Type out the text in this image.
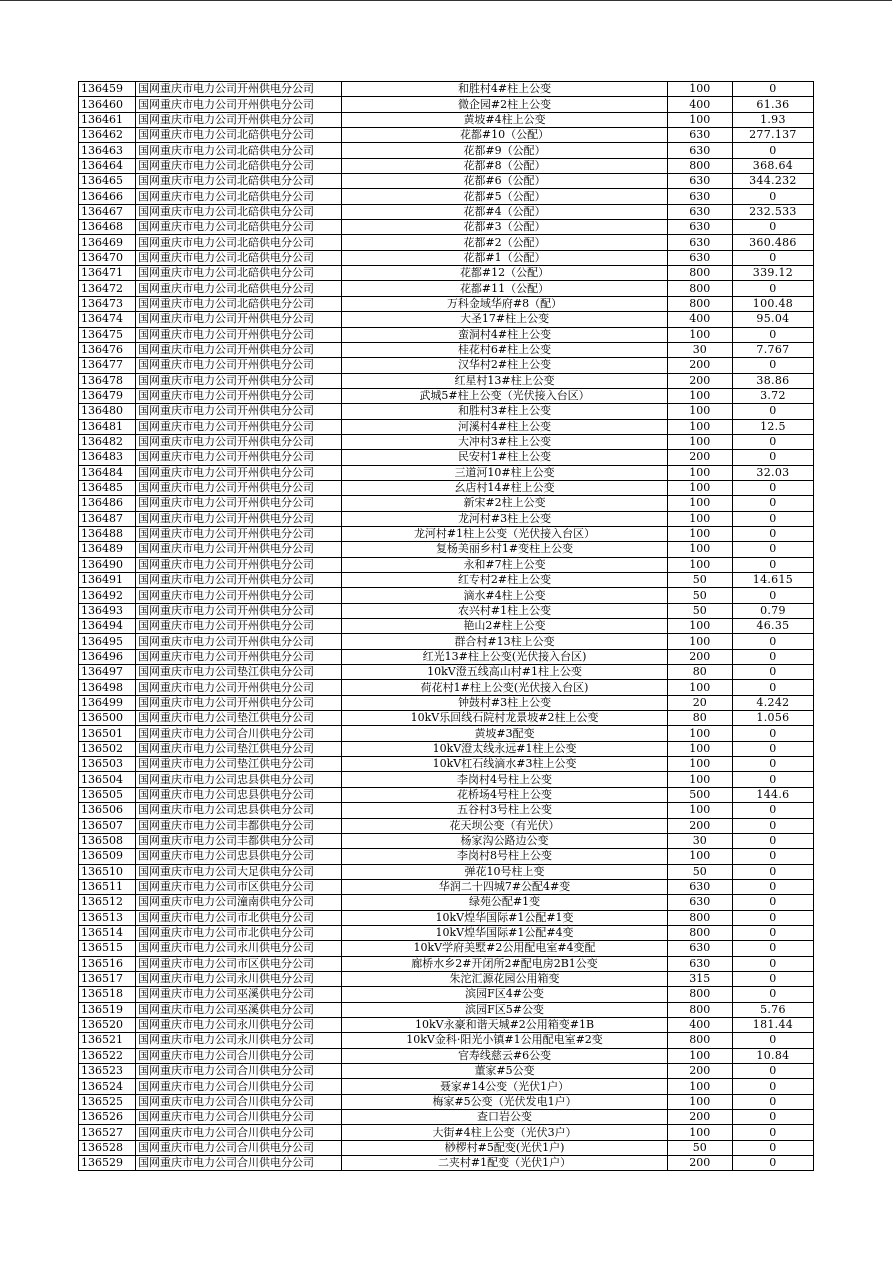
136459	国网重庆市电力公司开州供电分公司	和胜村4#柱上公变	100	0
136460	国网重庆市电力公司开州供电分公司	微企园#2柱上公变	400	61.36
136461	国网重庆市电力公司开州供电分公司	黄坡#4柱上公变	100	1.93
136462	国网重庆市电力公司北碚供电分公司	花都#10（公配）	630	277.137
136463	国网重庆市电力公司北碚供电分公司	花都#9（公配）	630	0
136464	国网重庆市电力公司北碚供电分公司	花都#8（公配）	800	368.64
136465	国网重庆市电力公司北碚供电分公司	花都#6（公配）	630	344.232
136466	国网重庆市电力公司北碚供电分公司	花都#5（公配）	630	0
136467	国网重庆市电力公司北碚供电分公司	花都#4（公配）	630	232.533
136468	国网重庆市电力公司北碚供电分公司	花都#3（公配）	630	0
136469	国网重庆市电力公司北碚供电分公司	花都#2（公配）	630	360.486
136470	国网重庆市电力公司北碚供电分公司	花都#1（公配）	630	0
136471	国网重庆市电力公司北碚供电分公司	花都#12（公配）	800	339.12
136472	国网重庆市电力公司北碚供电分公司	花都#11（公配）	800	0
136473	国网重庆市电力公司北碚供电分公司	万科金域华府#8（配）	800	100.48
136474	国网重庆市电力公司开州供电分公司	大圣17#柱上公变	400	95.04
136475	国网重庆市电力公司开州供电分公司	蛮洞村4#柱上公变	100	0
136476	国网重庆市电力公司开州供电分公司	桂花村6#柱上公变	30	7.767
136477	国网重庆市电力公司开州供电分公司	汉华村2#柱上公变	200	0
136478	国网重庆市电力公司开州供电分公司	红星村13#柱上公变	200	38.86
136479	国网重庆市电力公司开州供电分公司	武城5#柱上公变（光伏接入台区）	100	3.72
136480	国网重庆市电力公司开州供电分公司	和胜村3#柱上公变	100	0
136481	国网重庆市电力公司开州供电分公司	河溪村4#柱上公变	100	12.5
136482	国网重庆市电力公司开州供电分公司	大冲村3#柱上公变	100	0
136483	国网重庆市电力公司开州供电分公司	民安村1#柱上公变	200	0
136484	国网重庆市电力公司开州供电分公司	三道河10#柱上公变	100	32.03
136485	国网重庆市电力公司开州供电分公司	幺店村14#柱上公变	100	0
136486	国网重庆市电力公司开州供电分公司	新宋#2柱上公变	100	0
136487	国网重庆市电力公司开州供电分公司	龙河村#3柱上公变	100	0
136488	国网重庆市电力公司开州供电分公司	龙河村#1柱上公变（光伏接入台区）	100	0
136489	国网重庆市电力公司开州供电分公司	复杨美丽乡村1#变柱上公变	100	0
136490	国网重庆市电力公司开州供电分公司	永和#7柱上公变	100	0
136491	国网重庆市电力公司开州供电分公司	红专村2#柱上公变	50	14.615
136492	国网重庆市电力公司开州供电分公司	滴水#4柱上公变	50	0
136493	国网重庆市电力公司开州供电分公司	农兴村#1柱上公变	50	0.79
136494	国网重庆市电力公司开州供电分公司	艳山2#柱上公变	100	46.35
136495	国网重庆市电力公司开州供电分公司	群合村#13柱上公变	100	0
136496	国网重庆市电力公司开州供电分公司	红光13#柱上公变(光伏接入台区)	200	0
136497	国网重庆市电力公司垫江供电分公司	10kV澄五线高山村#1柱上公变	80	0
136498	国网重庆市电力公司开州供电分公司	荷花村1#柱上公变(光伏接入台区)	100	0
136499	国网重庆市电力公司开州供电分公司	钟鼓村#3柱上公变	20	4.242
136500	国网重庆市电力公司垫江供电分公司	10kV乐回线石院村龙景坡#2柱上公变	80	1.056
136501	国网重庆市电力公司合川供电分公司	黄坡#3配变	100	0
136502	国网重庆市电力公司垫江供电分公司	10kV澄太线永远#1柱上公变	100	0
136503	国网重庆市电力公司垫江供电分公司	10kV杠石线滴水#3柱上公变	100	0
136504	国网重庆市电力公司忠县供电分公司	李岗村4号柱上公变	100	0
136505	国网重庆市电力公司忠县供电分公司	花桥场4号柱上公变	500	144.6
136506	国网重庆市电力公司忠县供电分公司	五谷村3号柱上公变	100	0
136507	国网重庆市电力公司丰都供电分公司	花天坝公变（有光伏）	200	0
136508	国网重庆市电力公司丰都供电分公司	杨家沟公路边公变	30	0
136509	国网重庆市电力公司忠县供电分公司	李岗村8号柱上公变	100	0
136510	国网重庆市电力公司大足供电分公司	弹花10号柱上变	50	0
136511	国网重庆市电力公司市区供电分公司	华润二十四城7#公配4#变	630	0
136512	国网重庆市电力公司潼南供电分公司	绿苑公配#1变	630	0
136513	国网重庆市电力公司市北供电分公司	10kV煌华国际#1公配#1变	800	0
136514	国网重庆市电力公司市北供电分公司	10kV煌华国际#1公配#4变	800	0
136515	国网重庆市电力公司永川供电分公司	10kV学府美墅#2公用配电室#4变配	630	0
136516	国网重庆市电力公司市区供电分公司	廊桥水乡2#开闭所2#配电房2B1公变	630	0
136517	国网重庆市电力公司永川供电分公司	朱沱汇源花园公用箱变	315	0
136518	国网重庆市电力公司巫溪供电分公司	滨园F区4#公变	800	0
136519	国网重庆市电力公司巫溪供电分公司	滨园F区5#公变	800	5.76
136520	国网重庆市电力公司永川供电分公司	10kV永豪和谐天城#2公用箱变#1B	400	181.44
136521	国网重庆市电力公司永川供电分公司	10kV金科·阳光小镇#1公用配电室#2变	800	0
136522	国网重庆市电力公司合川供电分公司	官寿线慈云#6公变	100	10.84
136523	国网重庆市电力公司合川供电分公司	董家#5公变	200	0
136524	国网重庆市电力公司合川供电分公司	聂家#14公变（光伏1户）	100	0
136525	国网重庆市电力公司合川供电分公司	梅家#5公变（光伏发电1户）	100	0
136526	国网重庆市电力公司合川供电分公司	查口岩公变	200	0
136527	国网重庆市电力公司合川供电分公司	大街#4柱上公变（光伏3户）	100	0
136528	国网重庆市电力公司合川供电分公司	桫椤村#5配变(光伏1户)	50	0
136529	国网重庆市电力公司合川供电分公司	二夹村#1配变（光伏1户）	200	0
